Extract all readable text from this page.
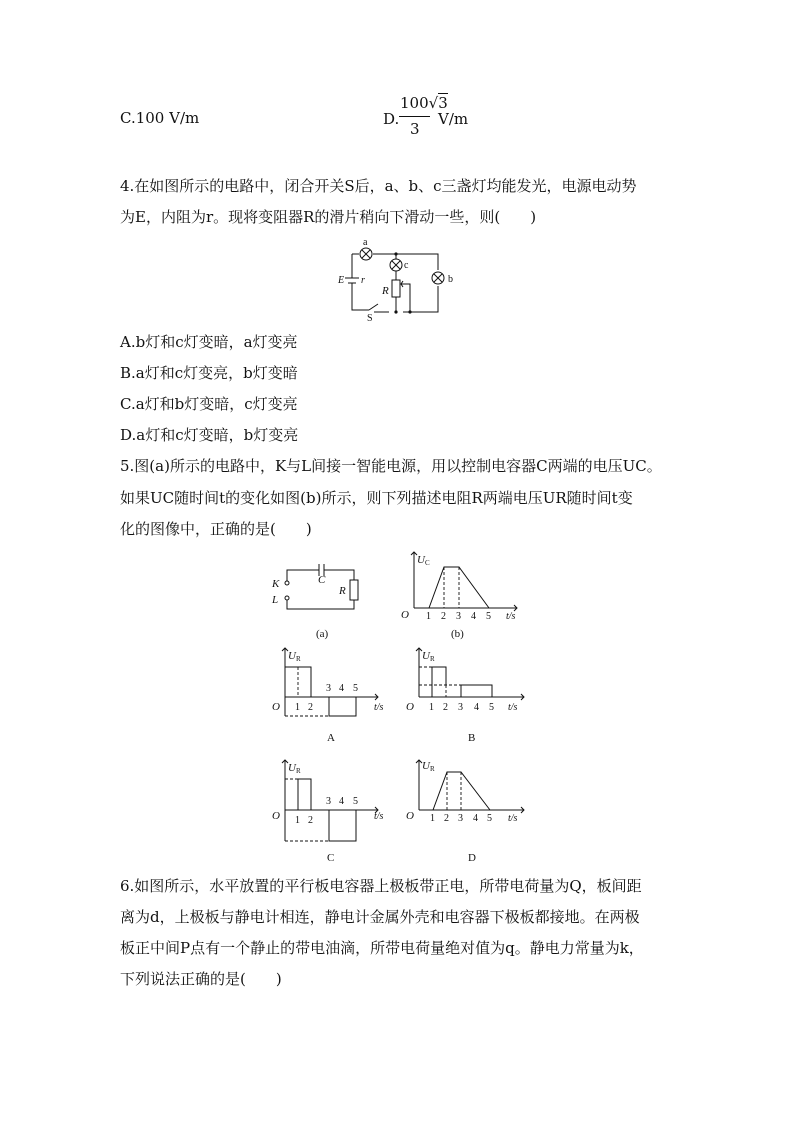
C.100 V/m	D.
100√3
3
V/m
4.在如图所示的电路中，闭合开关S后，a、b、c三盏灯均能发光，电源电动势
为E，内阻为r。现将变阻器R的滑片稍向下滑动一些，则(　　)
a
c
b
E r
R
S
A.b灯和c灯变暗，a灯变亮
B.a灯和c灯变亮，b灯变暗
C.a灯和b灯变暗，c灯变亮
D.a灯和c灯变暗，b灯变亮
5.图(a)所示的电路中，K与L间接一智能电源，用以控制电容器C两端的电压UC。
如果UC随时间t的变化如图(b)所示，则下列描述电阻R两端电压UR随时间t变
化的图像中，正确的是(　　)
K
L
C
R
(a)
UC
O 1 2 3 4 5 t/s
(b)
UR
O 1 2
3 4 5
t/s
A
UR
O 1 2 3 4 5 t/s
B
UR
O 1 2
3 4 5
t/s
C
UR
O 1 2 3 4 5 t/s
D
6.如图所示，水平放置的平行板电容器上极板带正电，所带电荷量为Q，板间距
离为d，上极板与静电计相连，静电计金属外壳和电容器下极板都接地。在两极
板正中间P点有一个静止的带电油滴，所带电荷量绝对值为q。静电力常量为k，
下列说法正确的是(　　)
